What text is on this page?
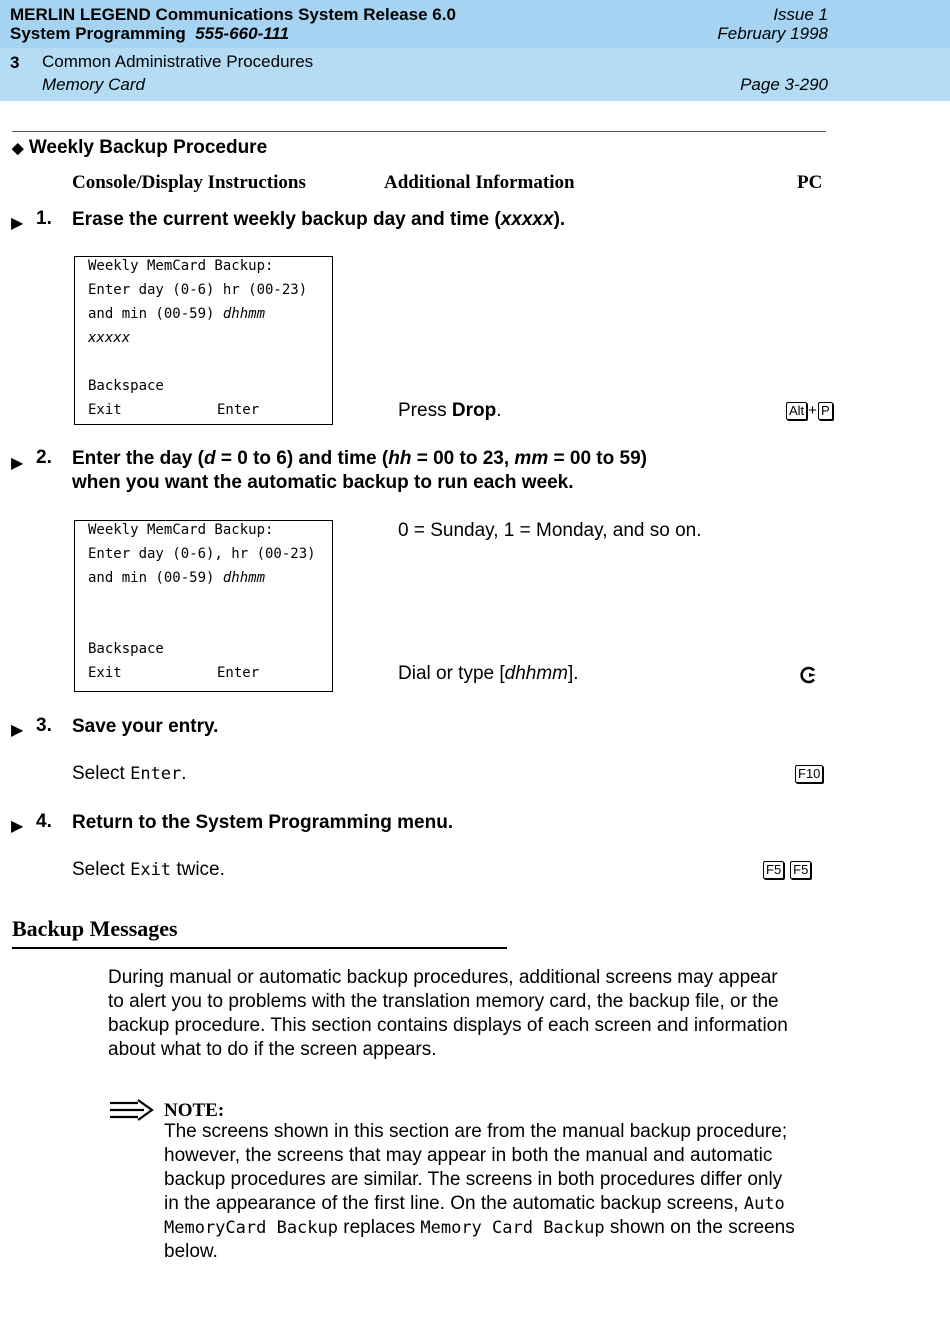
MERLIN LEGEND Communications System Release 6.0
System Programming 555-660-111
Issue 1
February 1998
3 Common Administrative Procedures
Memory Card	Page 3-290
◆ Weekly Backup Procedure
Console/Display Instructions	Additional Information	PC
▶ 1. Erase the current weekly backup day and time (xxxxx).
Weekly MemCard Backup:
Enter day (0-6) hr (00-23)
and min (00-59) dhhmm
xxxxx
Backspace
Exit	Enter	Press Drop.	Alt + P
▶ 2. Enter the day (d = 0 to 6) and time (hh = 00 to 23, mm = 00 to 59)
when you want the automatic backup to run each week.
Weekly MemCard Backup:
Enter day (0-6), hr (00-23)
and min (00-59) dhhmm
Backspace
Exit	Enter
0 = Sunday, 1 = Monday, and so on.
Dial or type [dhhmm].
▶ 3. Save your entry.
Select Enter.	F10
▶ 4. Return to the System Programming menu.
Select Exit twice.	F5 F5
Backup Messages
During manual or automatic backup procedures, additional screens may appear
to alert you to problems with the translation memory card, the backup file, or the
backup procedure. This section contains displays of each screen and information
about what to do if the screen appears.
NOTE:
The screens shown in this section are from the manual backup procedure;
however, the screens that may appear in both the manual and automatic
backup procedures are similar. The screens in both procedures differ only
in the appearance of the first line. On the automatic backup screens, Auto
MemoryCard Backup replaces Memory Card Backup shown on the screens
below.
